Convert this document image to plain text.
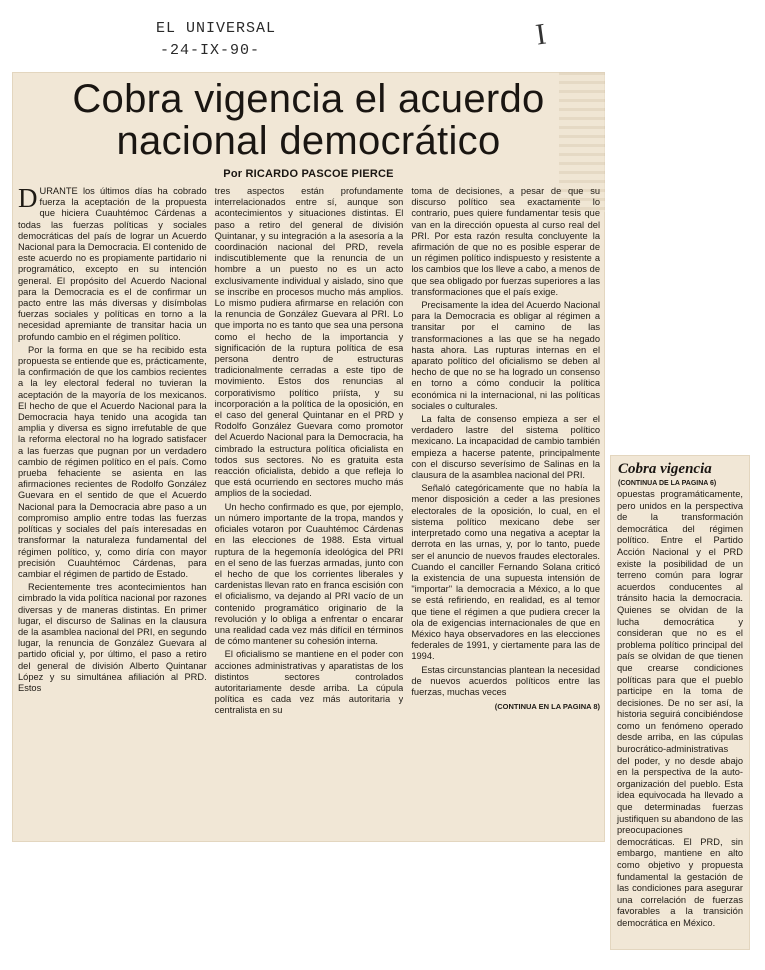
EL UNIVERSAL
-24-IX-90-	I
Cobra vigencia el acuerdo
nacional democrático
Por RICARDO PASCOE PIERCE

DURANTE los últimos días ha cobrado fuerza la aceptación de la propuesta que hiciera Cuauhtémoc Cárdenas a todas las fuerzas políticas y sociales democráticas del país de lograr un Acuerdo Nacional para la Democracia. El contenido de este acuerdo no es propiamente partidario ni programático, excepto en su intención general. El propósito del Acuerdo Nacional para la Democracia es el de confirmar un pacto entre las más diversas y disímbolas fuerzas sociales y políticas en torno a la necesidad apremiante de transitar hacia un profundo cambio en el régimen político.

Por la forma en que se ha recibido esta propuesta se entiende que es, prácticamente, la confirmación de que los cambios recientes a la ley electoral federal no tuvieran la aceptación de la mayoría de los mexicanos. El hecho de que el Acuerdo Nacional para la Democracia haya tenido una acogida tan amplia y diversa es signo irrefutable de que la reforma electoral no ha logrado satisfacer a las fuerzas que pugnan por un verdadero cambio de régimen político en el país. Como prueba fehaciente se asienta en las afirmaciones recientes de Rodolfo González Guevara en el sentido de que el Acuerdo Nacional para la Democracia abre paso a un compromiso amplio entre todas las fuerzas políticas y sociales del país interesadas en transformar la naturaleza fundamental del régimen político, y, como diría con mayor precisión Cuauhtémoc Cárdenas, para cambiar el régimen de partido de Estado.

Recientemente tres acontecimientos han cimbrado la vida política nacional por razones diversas y de maneras distintas. En primer lugar, el discurso de Salinas en la clausura de la asamblea nacional del PRI, en segundo lugar, la renuncia de González Guevara al partido oficial y, por último, el paso a retiro del general de división Alberto Quintanar López y su simultánea afiliación al PRD. Estos

tres aspectos están profundamente interrelacionados entre sí, aunque son acontecimientos y situaciones distintas. El paso a retiro del general de división Quintanar, y su integración a la asesoría a la coordinación nacional del PRD, revela indiscutiblemente que la renuncia de un hombre a un puesto no es un acto exclusivamente individual y aislado, sino que se inscribe en procesos mucho más amplios. Lo mismo pudiera afirmarse en relación con la renuncia de González Guevara al PRI. Lo que importa no es tanto que sea una persona como el hecho de la importancia y significación de la ruptura política de esa persona dentro de estructuras tradicionalmente cerradas a este tipo de movimiento. Estos dos renuncias al corporativismo político priísta, y su incorporación a la política de la oposición, en el caso del general Quintanar en el PRD y Rodolfo González Guevara como promotor del Acuerdo Nacional para la Democracia, ha cimbrado la estructura política oficialista en todos sus sectores. No es gratuita esta reacción oficialista, debido a que refleja lo que está ocurriendo en sectores mucho más amplios de la sociedad.

Un hecho confirmado es que, por ejemplo, un número importante de la tropa, mandos y oficiales votaron por Cuauhtémoc Cárdenas en las elecciones de 1988. Esta virtual ruptura de la hegemonía ideológica del PRI en el seno de las fuerzas armadas, junto con el hecho de que los corrientes liberales y cardenistas llevan rato en franca escisión con el oficialismo, va dejando al PRI vacío de un contenido programático originario de la revolución y lo obliga a enfrentar o encarar una realidad cada vez más difícil en términos de cómo mantener su cohesión interna.

El oficialismo se mantiene en el poder con acciones administrativas y aparatistas de los distintos sectores controlados autoritariamente desde arriba. La cúpula política es cada vez más autoritaria y centralista en su

toma de decisiones, a pesar de que su discurso político sea exactamente lo contrario, pues quiere fundamentar tesis que van en la dirección opuesta al curso real del PRI. Por esta razón resulta concluyente la afirmación de que no es posible esperar de un régimen político indispuesto y resistente a los cambios que los lleve a cabo, a menos de que sea obligado por fuerzas superiores a las transformaciones que el país exige.

Precisamente la idea del Acuerdo Nacional para la Democracia es obligar al régimen a transitar por el camino de las transformaciones a las que se ha negado hasta ahora. Las rupturas internas en el aparato político del oficialismo se deben al hecho de que no se ha logrado un consenso en torno a cómo conducir la política económica ni la internacional, ni las políticas sociales o culturales.

La falta de consenso empieza a ser el verdadero lastre del sistema político mexicano. La incapacidad de cambio también empieza a hacerse patente, principalmente con el discurso severísimo de Salinas en la clausura de la asamblea nacional del PRI.

Señaló categóricamente que no había la menor disposición a ceder a las presiones electorales de la oposición, lo cual, en el sistema político mexicano debe ser interpretado como una negativa a aceptar la derrota en las urnas, y, por lo tanto, puede ser el anuncio de nuevos fraudes electorales. Cuando el canciller Fernando Solana criticó la existencia de una supuesta intensión de "importar" la democracia a México, a lo que se está refiriendo, en realidad, es al temor que tiene el régimen a que pudiera crecer la ola de exigencias internacionales de que en México haya observadores en las elecciones federales de 1991, y ciertamente para las de 1994.

Estas circunstancias plantean la necesidad de nuevos acuerdos políticos entre las fuerzas, muchas veces

(CONTINUA EN LA PAGINA 8)
Cobra vigencia
(CONTINUA DE LA PAGINA 6)
opuestas programáticamente, pero unidos en la perspectiva de la transformación democrática del régimen político. Entre el Partido Acción Nacional y el PRD existe la posibilidad de un terreno común para lograr acuerdos conducentes al tránsito hacia la democracia. Quienes se olvidan de la lucha democrática y consideran que no es el problema político principal del país se olvidan de que tienen que crearse condiciones políticas para que el pueblo participe en la toma de decisiones. De no ser así, la historia seguirá concibiéndose como un fenómeno operado desde arriba, en las cúpulas burocrático-administrativas del poder, y no desde abajo en la perspectiva de la auto-organización del pueblo. Esta idea equivocada ha llevado a que determinadas fuerzas justifiquen su abandono de las preocupaciones democráticas. El PRD, sin embargo, mantiene en alto como objetivo y propuesta fundamental la gestación de las condiciones para asegurar una correlación de fuerzas favorables a la transición democrática en México.
